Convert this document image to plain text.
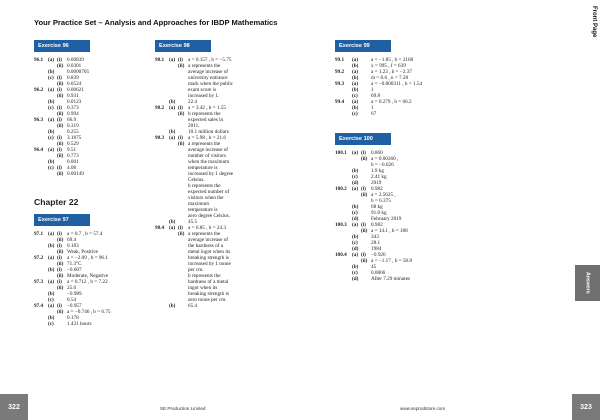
Your Practice Set – Analysis and Approaches for IBDP Mathematics	Front Page
Answers
Exercise 96
96.1 (a) (i) 0.00839
(ii) 0.0301
(b)	0.0000705
(c) (i) 0.839
(ii) 0.0524
96.2 (a) (i) 0.00621
(ii) 0.931
(b)	0.0123
(c) (i) 0.373
(ii) 0.994
96.3 (a) (i) 66.9
(ii) 0.319
(b)	0.255
(c) (i) 3.1875
(ii) 0.529
96.4 (a) (i) 9.51
(ii) 0.773
(b)	0.001
(c) (i) 4.08
(ii) 0.00149
Chapter 22
Exercise 97
97.1 (a) (i) a = 0.7 , b = 57.4
(ii) 69.4
(b) (i) 0.183
(ii) Weak, Positive
97.2 (a) (i) a = −2.09 , b = 96.1
(ii) 71.3°C
(b) (i) −0.607
(ii) Moderate, Negative
97.3 (a) (i) a = 0.712 , b = 7.22
(ii) 25.0
(b)	−0.989
(c)	0.54
97.4 (a) (i) −0.957
(ii) a = −0.746 , b = 6.75
(b)	0.178
(c)	1.431 hours
Exercise 98
98.1 (a) (i) a = 0.157 , b = −5.75
(ii) a represents the
average increase of
university entrance
mark when the public
exam score is
increased by 1.
(b)	22.4
98.2 (a) (i) a = 3.42 , b = 1.55
(ii) b represents the
expected sales in
2011.
(b)	10.1 million dollars
98.3 (a) (i) a = 5.98 , b = 21.6
(ii) a represents the
average increase of
number of visitors
when the maximum
temperature is
increased by 1 degree
Celsius.
b represents the
expected number of
visitors when the
maximum
temperature is
zero degree Celsius.
(b)	45.5
98.4 (a) (i) a = 6.85 , b = 24.3
(ii) a represents the
average increase of
the hardness of a
metal ingot when its
breaking strength is
increased by 1 tonne
per cm.
b represents the
hardness of a metal
ingot when its
breaking strength is
zero tonne per cm.
(b)	65.4
Exercise 99
99.1	(a)	a = −1.85 , b = 2160
(b)	x = 995 , f = 639
99.2	(a)	a = 1.23 , b = −2.37
(b)	m = 6.6 , n = 7.28
99.3	(a)	a = −0.000311 , b = 1.54
(b)	1
(c)	69.8
99.4	(a)	a = 0.279 , b = 66.2
(b)	1
(c)	67
Exercise 100
100.1	(a) (i) 0.860
(ii) a = 0.00360 ,
b = −0.626
(b)	1.9 kg
(c)	2.41 kg
(d)	2019
100.2	(a) (i) 0.982
(ii) a = 2.5625 ,
b = 6.375
(b)	68 kg
(c)	91.0 kg
(d)	February 2019
100.3	(a) (i) 0.982
(ii) a = 14.1 , b = 188
(b)	343
(c)	28.1
(d)	1984
100.4	(a) (i) −0.926
(ii) a = −1.17 , b = 58.8
(b)	45
(c)	0.0866
(d)	After 7.29 minutes
322	SE Production Limited	www.seprodstore.com	323
